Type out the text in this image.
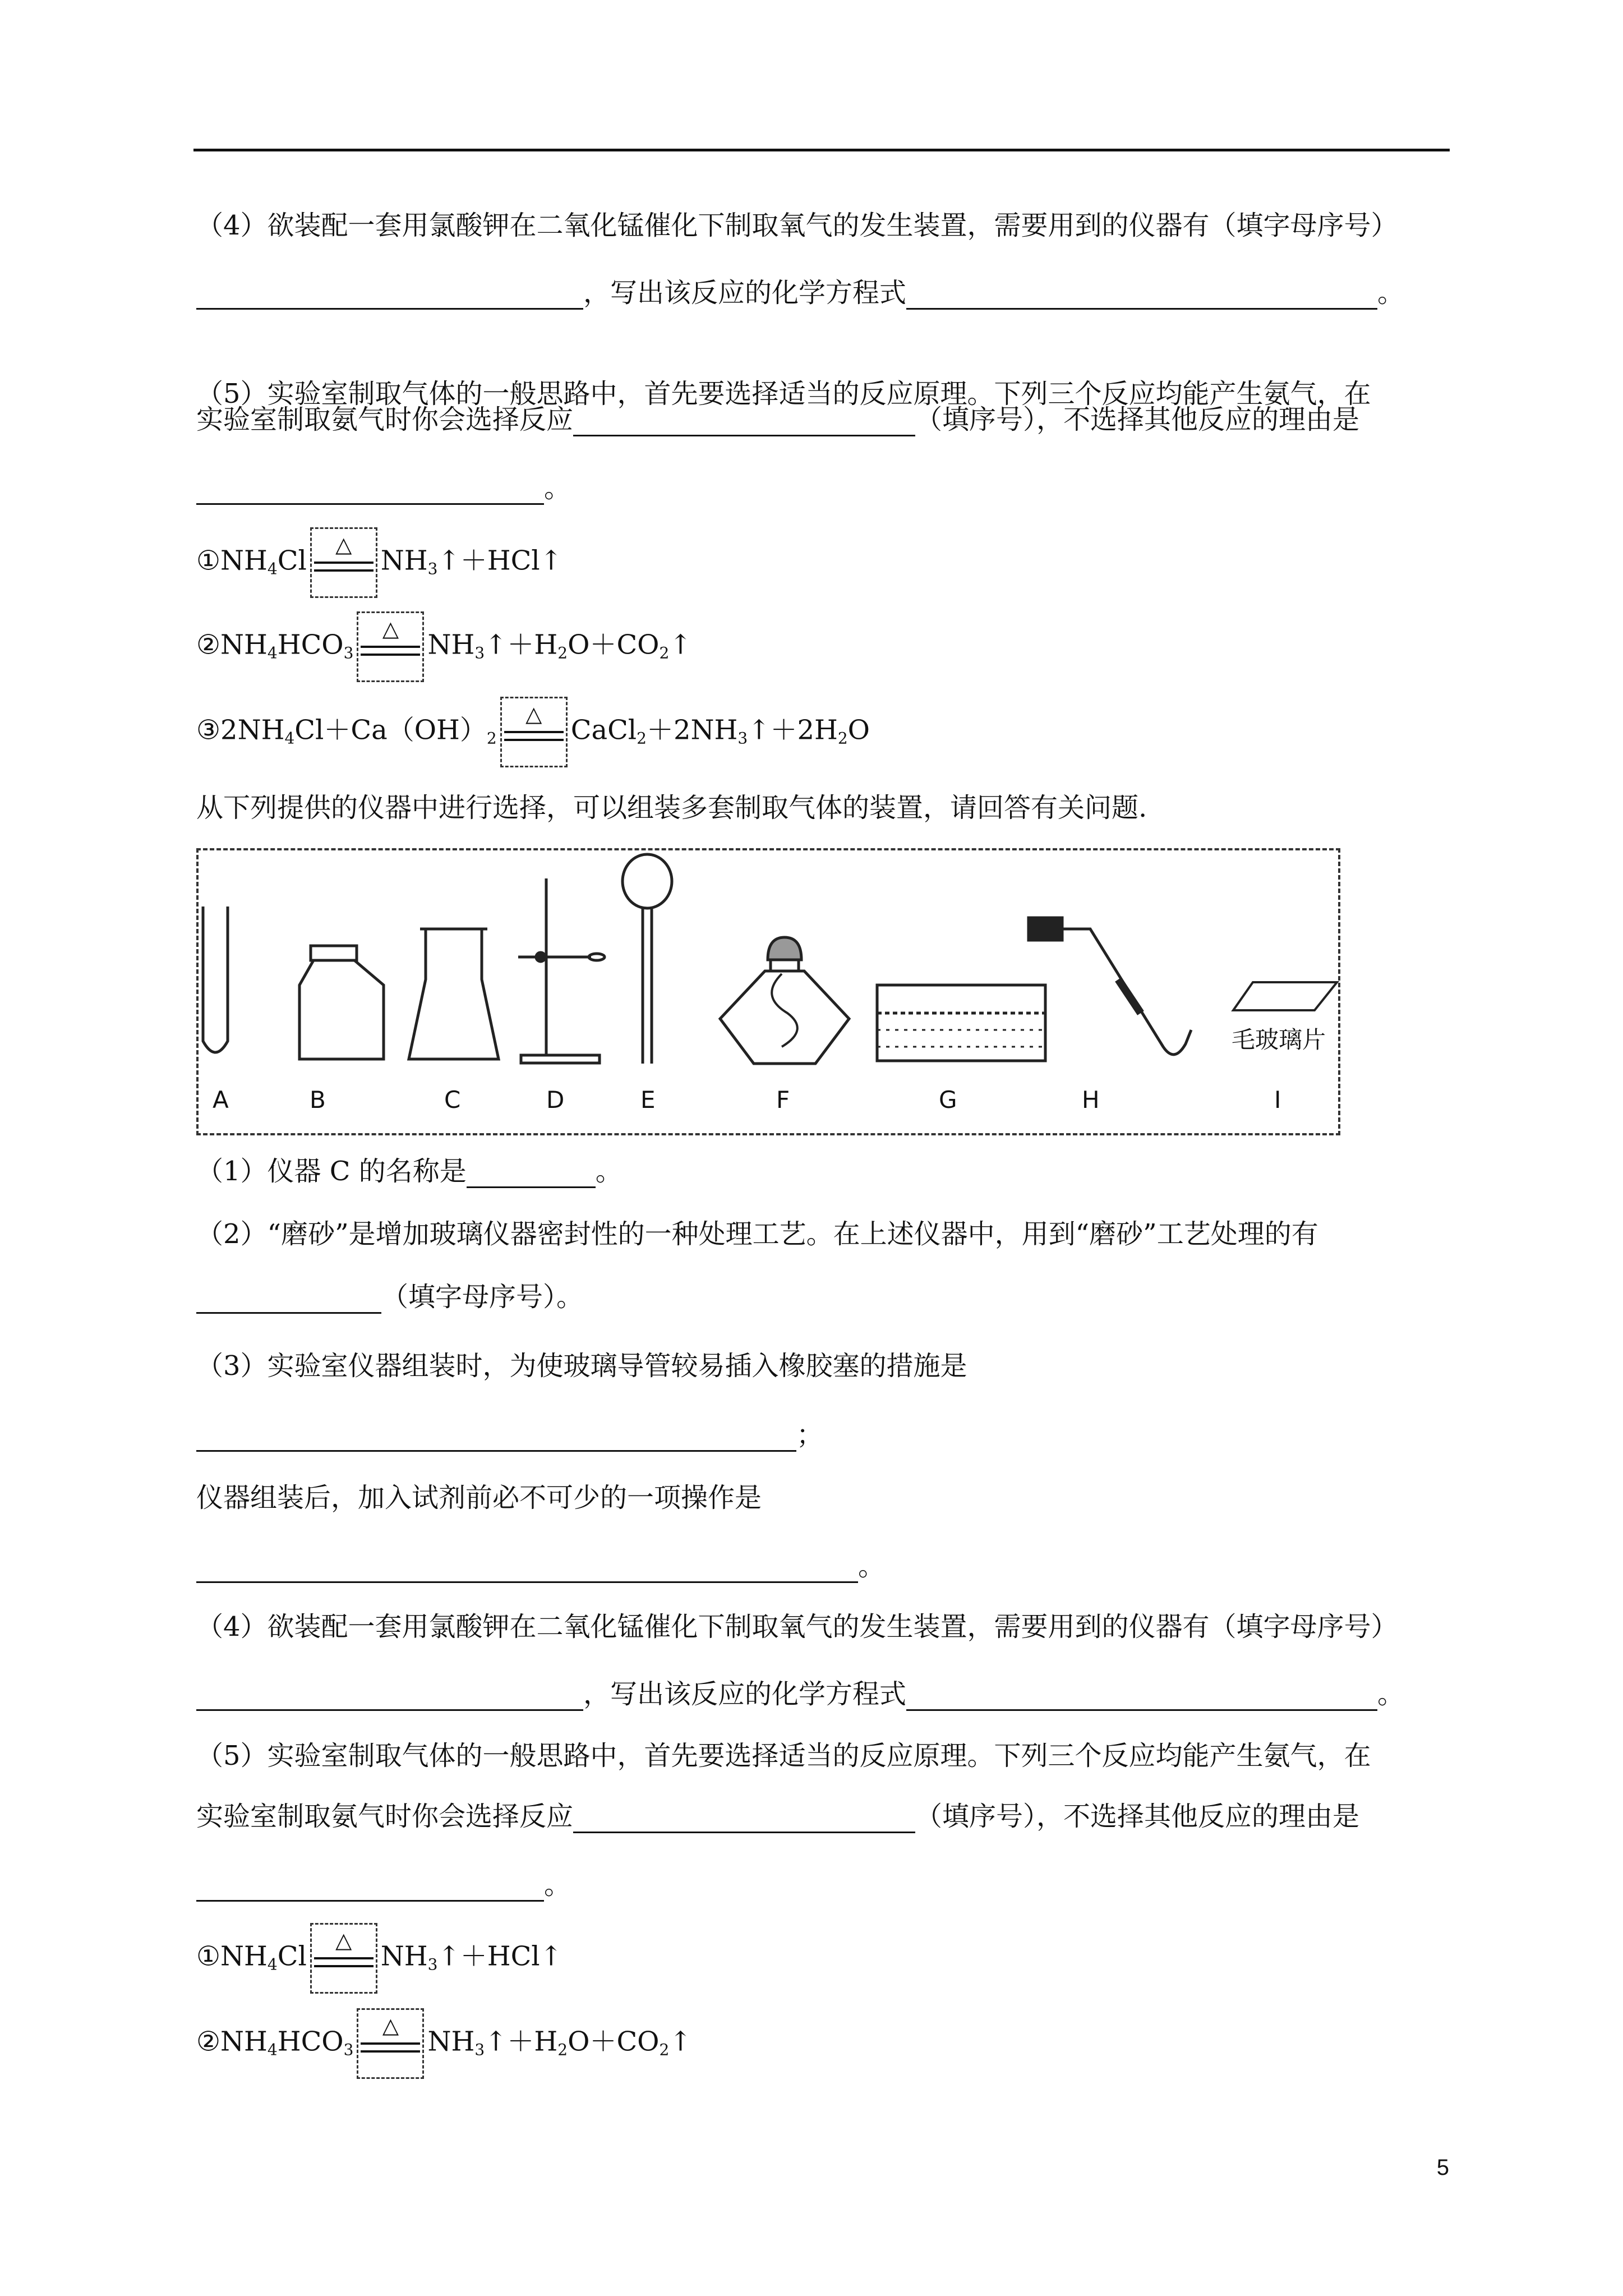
（4）欲装配一套用氯酸钾在二氧化锰催化下制取氧气的发生装置，需要用到的仪器有（填字母序号）
，写出该反应的化学方程式	。
（5）实验室制取气体的一般思路中，首先要选择适当的反应原理。下列三个反应均能产生氨气，在
实验室制取氨气时你会选择反应	（填序号），不选择其他反应的理由是
。
$①NH_4Cl$
△
$NH_3↑+HCl↑$
$②NH_4HCO_3$
△
$NH_3↑+H_2O+CO_2↑$
$③2NH_4Cl+Ca(OH)_2$
△
$CaCl_2+2NH_3↑+2H_2O$
从下列提供的仪器中进行选择，可以组装多套制取气体的装置，请回答有关问题.
毛玻璃片
A	B	C	D	E	F	G	H	I
（1）仪器 C 的名称是	。
（2）“磨砂”是增加玻璃仪器密封性的一种处理工艺。在上述仪器中，用到“磨砂”工艺处理的有
（填字母序号）。
（3）实验室仪器组装时，为使玻璃导管较易插入橡胶塞的措施是
；
仪器组装后，加入试剂前必不可少的一项操作是
。
（4）欲装配一套用氯酸钾在二氧化锰催化下制取氧气的发生装置，需要用到的仪器有（填字母序号）
，写出该反应的化学方程式	。
（5）实验室制取气体的一般思路中，首先要选择适当的反应原理。下列三个反应均能产生氨气，在
实验室制取氨气时你会选择反应	（填序号），不选择其他反应的理由是
。
$①NH_4Cl$
△
$NH_3↑+HCl↑$
$②NH_4HCO_3$
△
$NH_3↑+H_2O+CO_2↑$
5
